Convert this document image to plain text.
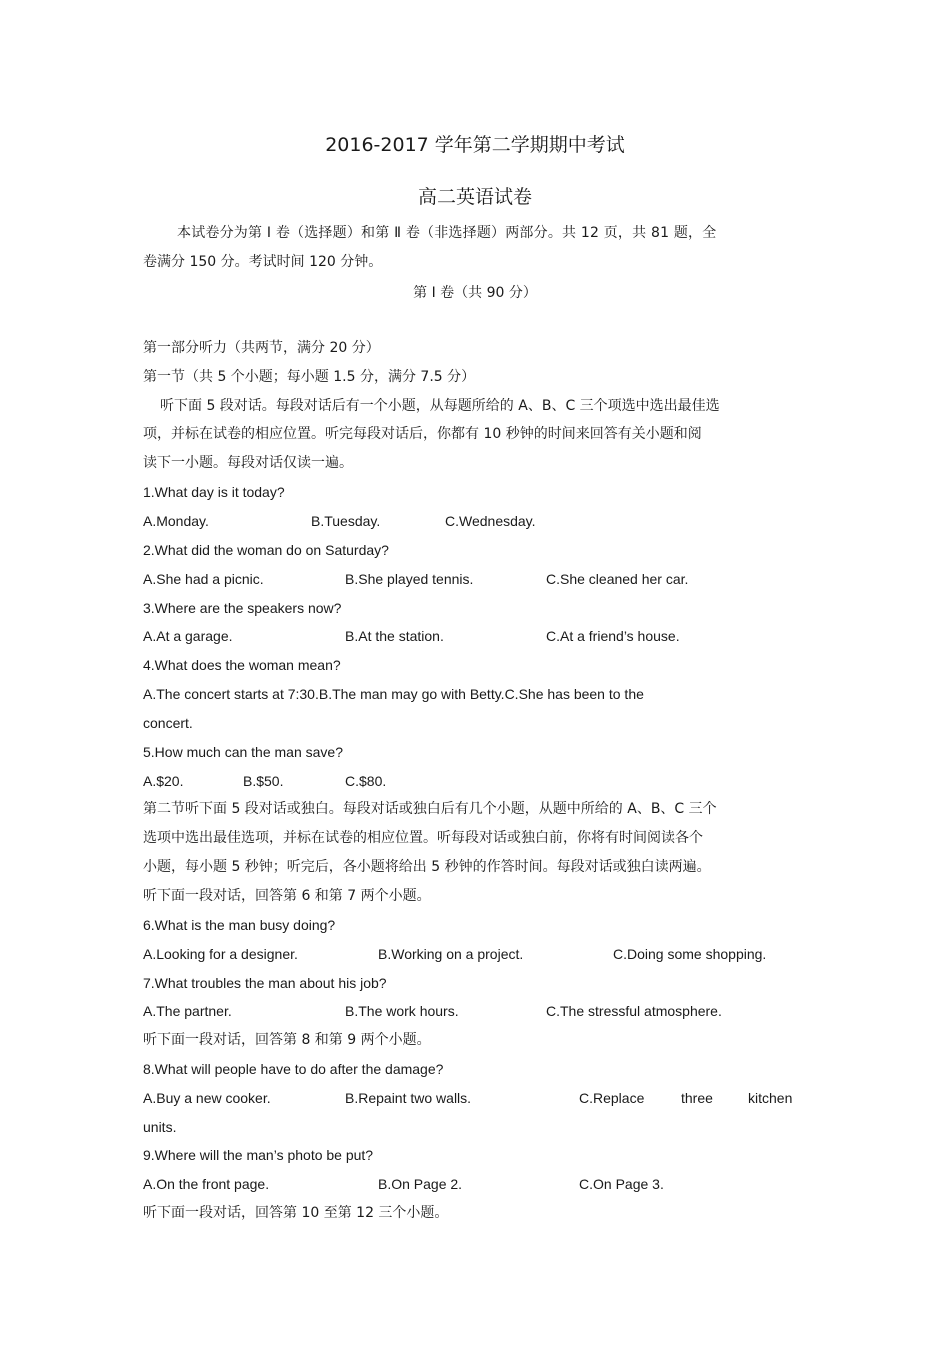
2016-2017 学年第二学期期中考试
高二英语试卷
本试卷分为第 Ⅰ 卷（选择题）和第 Ⅱ 卷（非选择题）两部分。共 12 页，共 81 题，全
卷满分 150 分。考试时间 120 分钟。
第 Ⅰ 卷（共 90 分）
第一部分听力（共两节，满分 20 分）
第一节（共 5 个小题；每小题 1.5 分，满分 7.5 分）
听下面 5 段对话。每段对话后有一个小题，从每题所给的 A、B、C 三个项选中选出最佳选
项，并标在试卷的相应位置。听完每段对话后，你都有 10 秒钟的时间来回答有关小题和阅
读下一小题。每段对话仅读一遍。
1.What day is it today?
A.Monday.	B.Tuesday.	C.Wednesday.
2.What did the woman do on Saturday?
A.She had a picnic.	B.She played tennis.	C.She cleaned her car.
3.Where are the speakers now?
A.At a garage.	B.At the station.	C.At a friend’s house.
4.What does the woman mean?
A.The concert starts at 7:30.B.The man may go with Betty.C.She has been to the
concert.
5.How much can the man save?
A.$20.	B.$50.	C.$80.
第二节听下面 5 段对话或独白。每段对话或独白后有几个小题，从题中所给的 A、B、C 三个
选项中选出最佳选项，并标在试卷的相应位置。听每段对话或独白前，你将有时间阅读各个
小题，每小题 5 秒钟；听完后，各小题将给出 5 秒钟的作答时间。每段对话或独白读两遍。
听下面一段对话，回答第 6 和第 7 两个小题。
6.What is the man busy doing?
A.Looking for a designer.	B.Working on a project.	C.Doing some shopping.
7.What troubles the man about his job?
A.The partner.	B.The work hours.	C.The stressful atmosphere.
听下面一段对话，回答第 8 和第 9 两个小题。
8.What will people have to do after the damage?
A.Buy a new cooker.	B.Repaint two walls.	C.Replace	three	kitchen
units.
9.Where will the man’s photo be put?
A.On the front page.	B.On Page 2.	C.On Page 3.
听下面一段对话，回答第 10 至第 12 三个小题。
